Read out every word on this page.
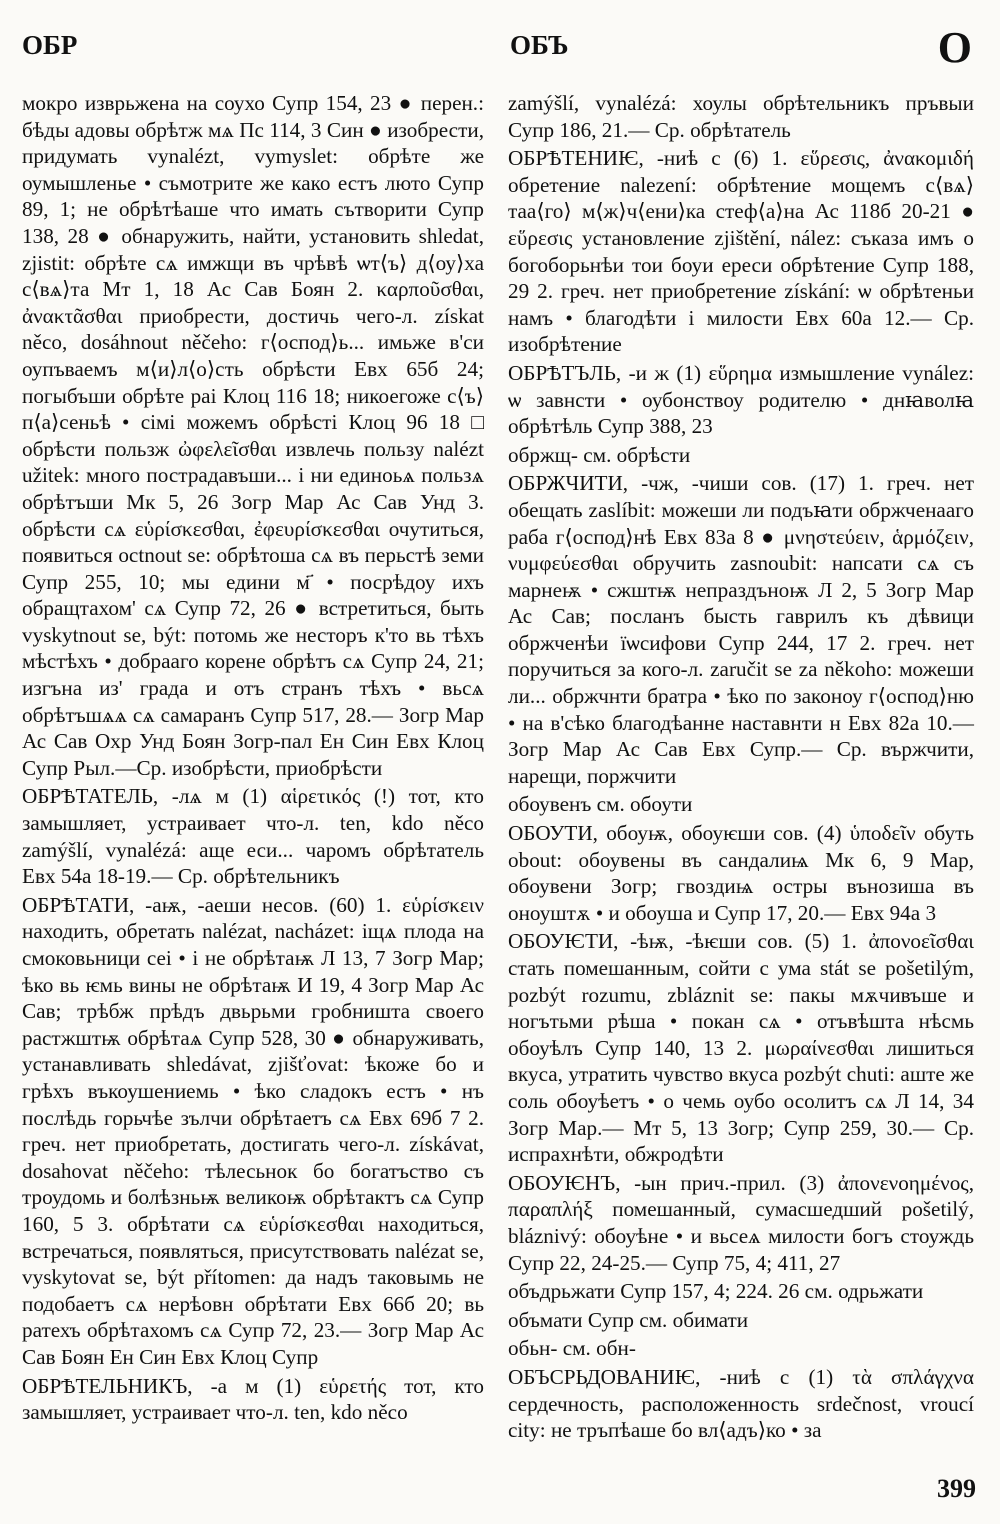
ОБР	ОБЪ	О

мокро изврьжена на соухо Супр 154, 23 ● перен.: бѣды адовы обрѣтж мѧ Пс 114, 3 Син ● изобрести, придумать vynalézt, vymyslet: обрѣте же оумышленье • съмотрите же како естъ люто Супр 89, 1; не обрѣтѣаше что имать сътворити Супр 138, 28 ● обнаружить, найти, установить shledat, zjistit: обрѣте сѧ имжщи въ чрѣвѣ ѡт⟨ъ⟩ д⟨оу⟩ха с⟨вѧ⟩та Мт 1, 18 Ас Сав Боян 2. καρποῦσθαι, ἀνακτᾶσθαι приобрести, достичь чего-л. získat něco, dosáhnout něčeho: г⟨оспод⟩ь... имьже в'си оупъваемъ м⟨и⟩л⟨о⟩сть обрѣсти Евх 65б 24; погыбъши обрѣте раі Клоц 116 18; никоегоже с⟨ъ⟩п⟨а⟩сеньѣ • сімі можемъ обрѣсті Клоц 96 18 □ обрѣсти пользж ὠφελεῖσθαι извлечь пользу nalézt užitek: много пострадавъши... і ни единоьѧ пользѧ обрѣтъши Мк 5, 26 Зогр Мар Ас Сав Унд 3. обрѣсти сѧ εὑρίσκεσθαι, ἐφευρίσκεσθαι очутиться, появиться octnout se: обрѣтоша сѧ въ перьстѣ земи Супр 255, 10; мы едини м҃ • посрѣдоу ихъ обращтахом' сѧ Супр 72, 26 ● встретиться, быть vyskytnout se, být: потомь же несторъ к'то вь тѣхъ мѣстѣхъ • добрааго корене обрѣтъ сѧ Супр 24, 21; изгъна из' града и отъ странъ тѣхъ • вьсѧ обрѣтъшѧѧ сѧ самаранъ Супр 517, 28.— Зогр Мар Ас Сав Охр Унд Боян Зогр-пал Ен Син Евх Клоц Супр Рыл.—Ср. изобрѣсти, приобрѣсти

ОБРѢТАТЕЛЬ, -лѧ м (1) αἱρετικός (!) тот, кто замышляет, устраивает что-л. ten, kdo něco zamýšlí, vynalézá: аще еси... чаромъ обрѣтатель Евх 54а 18-19.— Ср. обрѣтельникъ

ОБРѢТАТИ, -аѭ, -аеши несов. (60) 1. εὑρίσκειν находить, обретать nalézat, nacházet: іщѧ плода на смоковьници сеі • і не обрѣтаѭ Л 13, 7 Зогр Мар; ѣко вь ѥмь вины не обрѣтаѭ И 19, 4 Зогр Мар Ас Сав; трѣбж прѣдъ двьрьми гробништа своего растжштѭ обрѣтаѧ Супр 528, 30 ● обнаруживать, устанавливать shledávat, zjišťovat: ѣкоже бо и грѣхъ въкоушениемь • ѣко сладокъ естъ • нъ послѣдь горьчѣе зълчи обрѣтаетъ сѧ Евх 69б 7 2. греч. нет приобретать, достигать чего-л. získávat, dosahovat něčeho: тѣлесьнок бо богатъство съ троудомь и болѣзньѭ великоѭ обрѣтактъ сѧ Супр 160, 5 3. обрѣтати сѧ εὑρίσκεσθαι находиться, встречаться, появляться, присутствовать nalézat se, vyskytovat se, být přítomen: да надъ таковымь не подобаетъ сѧ нерѣовн обрѣтати Евх 66б 20; вь ратехъ обрѣтахомъ сѧ Супр 72, 23.— Зогр Мар Ас Сав Боян Ен Син Евх Клоц Супр

ОБРѢТЕЛЬНИКЪ, -а м (1) εὑρετής тот, кто замышляет, устраивает что-л. ten, kdo něco

zamýšlí, vynalézá: хоулы обрѣтельникъ пръвыи Супр 186, 21.— Ср. обрѣтатель

ОБРѢТЕНИѤ, -ниѣ с (6) 1. εὕρεσις, ἀνακομιδή обретение nalezení: обрѣтение мощемъ с⟨вѧ⟩таа⟨го⟩ м⟨ж⟩ч⟨ени⟩ка стеф⟨а⟩на Ас 118б 20-21 ● εὕρεσις установление zjištění, nález: съказа имъ о богоборьнѣи тои боуи ереси обрѣтение Супр 188, 29 2. греч. нет приобретение získání: ѡ обрѣтеньи намъ • благодѣти і милости Евх 60а 12.— Ср. изобрѣтение

ОБРѢТЪЛЬ, -и ж (1) εὕρημα измышление vynález: ѡ завнсти • оубонствоу родителю • днꙗволꙗ обрѣтѣль Супр 388, 23

обржщ- см. обрѣсти

ОБРЖЧИТИ, -чж, -чиши сов. (17) 1. греч. нет обещать zaslíbit: можеши ли подъꙗти обржченааго раба г⟨оспод⟩нѣ Евх 83а 8 ● μνηστεύειν, ἁρμόζειν, νυμφεύεσθαι обручить zasnoubit: напсати сѧ съ марнеѭ • сжштѭ непраздъноѭ Л 2, 5 Зогр Мар Ас Сав; посланъ бысть гаврилъ къ дѣвици обржченѣи їѡсифови Супр 244, 17 2. греч. нет поручиться за кого-л. zaručit se za někoho: можеши ли... обржчнти братра • ѣко по законоу г⟨оспод⟩ню • на в'сѣко благодѣанне наставнти н Евх 82а 10.— Зогр Мар Ас Сав Евх Супр.— Ср. вържчити, нарещи, поржчити

обоувенъ см. обоути

ОБОУТИ, обоуѭ, обоуѥши сов. (4) ὑποδεῖν обуть obout: обоувены въ сандалиѩ Мк 6, 9 Мар, обоувени Зогр; гвоздиѩ остры вънозиша въ оноуштѫ • и обоуша и Супр 17, 20.— Евх 94а 3

ОБОУѤТИ, -ѣѭ, -ѣѥши сов. (5) 1. ἀπονοεῖσθαι стать помешанным, сойти с ума stát se pošetilým, pozbýt rozumu, zbláznit se: пакы мѫчивъше и ногътьми рѣша • покан сѧ • отъвѣшта нѣсмь обоуѣлъ Супр 140, 13 2. μωραίνεσθαι лишиться вкуса, утратить чувство вкуса pozbýt chuti: аште же соль обоуѣетъ • о чемь оубо осолитъ сѧ Л 14, 34 Зогр Мар.— Мт 5, 13 Зогр; Супр 259, 30.— Ср. испрахнѣти, обжродѣти

ОБОУѤНЪ, -ын прич.-прил. (3) ἀπονενοημένος, παραπλήξ помешанный, сумасшедший pošetilý, bláznivý: обоуѣне • и вьсеѧ милости богъ стоуждь Супр 22, 24-25.— Супр 75, 4; 411, 27

объдрьжати Супр 157, 4; 224. 26 см. одрьжати

объмати Супр см. обимати

обьн- см. обн-

ОБЪСРЬДОВАНИѤ, -ниѣ с (1) τὰ σπλάγχνα сердечность, расположенность srdečnost, vroucí city: не тръпѣаше бо вл⟨адъ⟩ко • за

399
